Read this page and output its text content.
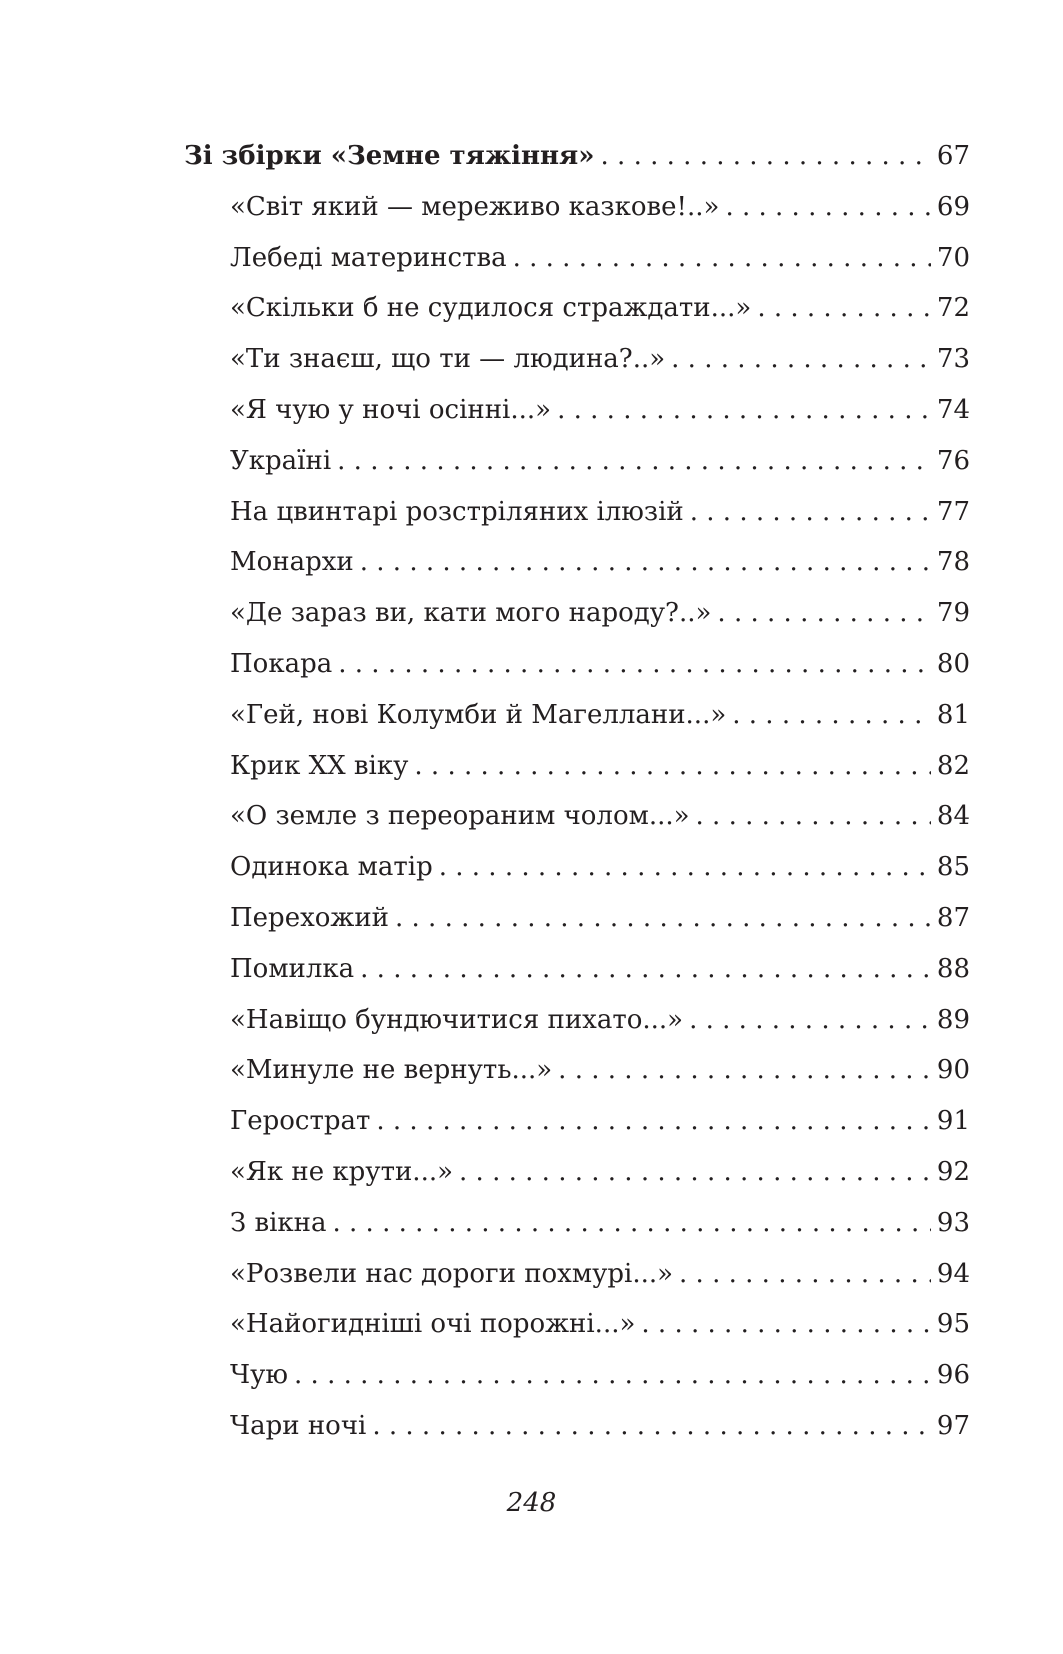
Зі збірки «Земне тяжіння» . . .	67
«Світ який — мереживо казкове!..» . . .	69
Лебеді материнства . . .	70
«Скільки б не судилося страждати...» . . .	72
«Ти знаєш, що ти — людина?..» . . .	73
«Я чую у ночі осінні...» . . .	74
Україні . . .	76
На цвинтарі розстріляних ілюзій . . .	77
Монархи . . .	78
«Де зараз ви, кати мого народу?..» . . .	79
Покара . . .	80
«Гей, нові Колумби й Магеллани...» . . .	81
Крик ХХ віку . . .	82
«О земле з переораним чолом...» . . .	84
Одинока матір . . .	85
Перехожий . . .	87
Помилка . . .	88
«Навіщо бундючитися пихато...» . . .	89
«Минуле не вернуть...» . . .	90
Герострат . . .	91
«Як не крути...» . . .	92
З вікна . . .	93
«Розвели нас дороги похмурі...» . . .	94
«Найогидніші очі порожні...» . . .	95
Чую . . .	96
Чари ночі . . .	97
248
